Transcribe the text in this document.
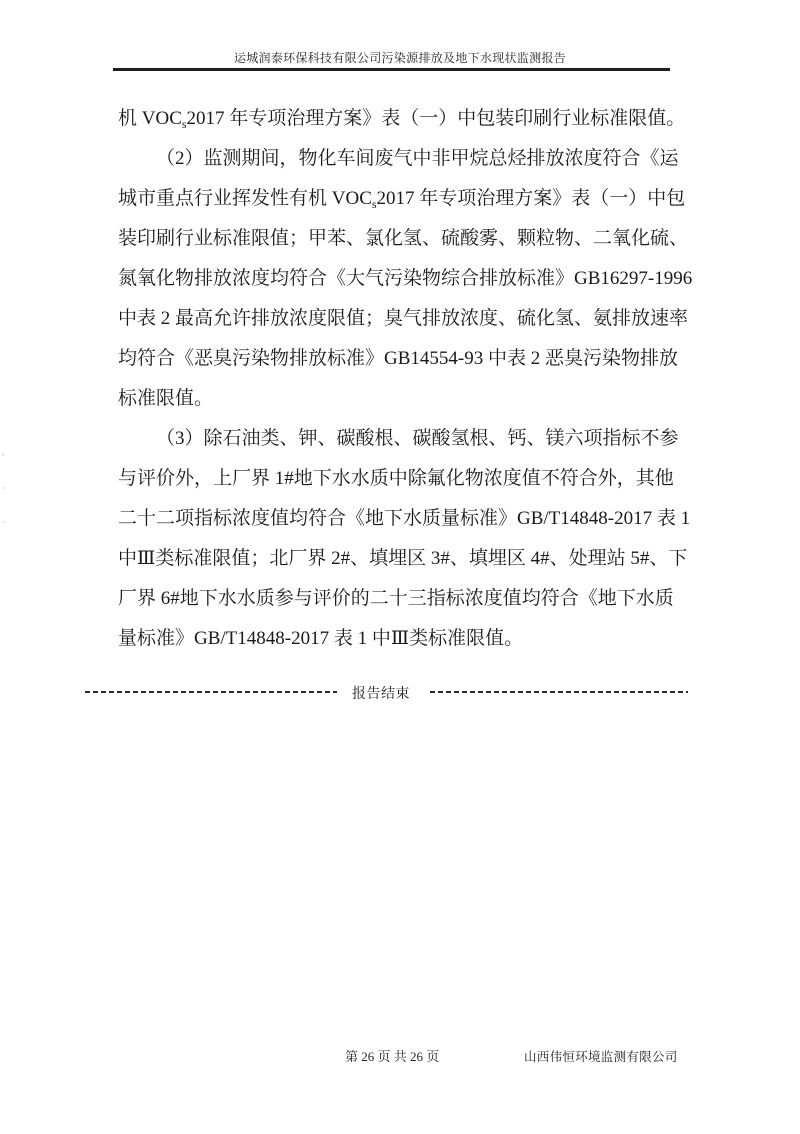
运城润泰环保科技有限公司污染源排放及地下水现状监测报告
机 $VOC_s2017$ 年专项治理方案》表（一）中包装印刷行业标准限值。
（2）监测期间，物化车间废气中非甲烷总烃排放浓度符合《运
城市重点行业挥发性有机 $VOC_s2017$ 年专项治理方案》表（一）中包
装印刷行业标准限值；甲苯、氯化氢、硫酸雾、颗粒物、二氧化硫、
氮氧化物排放浓度均符合《大气污染物综合排放标准》GB16297-1996
中表 2 最高允许排放浓度限值；臭气排放浓度、硫化氢、氨排放速率
均符合《恶臭污染物排放标准》GB14554-93 中表 2 恶臭污染物排放
标准限值。
（3）除石油类、钾、碳酸根、碳酸氢根、钙、镁六项指标不参
与评价外，上厂界 1#地下水水质中除氟化物浓度值不符合外，其他
二十二项指标浓度值均符合《地下水质量标准》GB/T14848-2017 表 1
中Ⅲ类标准限值；北厂界 2#、填埋区 3#、填埋区 4#、处理站 5#、下
厂界 6#地下水水质参与评价的二十三指标浓度值均符合《地下水质
量标准》GB/T14848-2017 表 1 中Ⅲ类标准限值。
报告结束
第 26 页 共 26 页	山西伟恒环境监测有限公司
